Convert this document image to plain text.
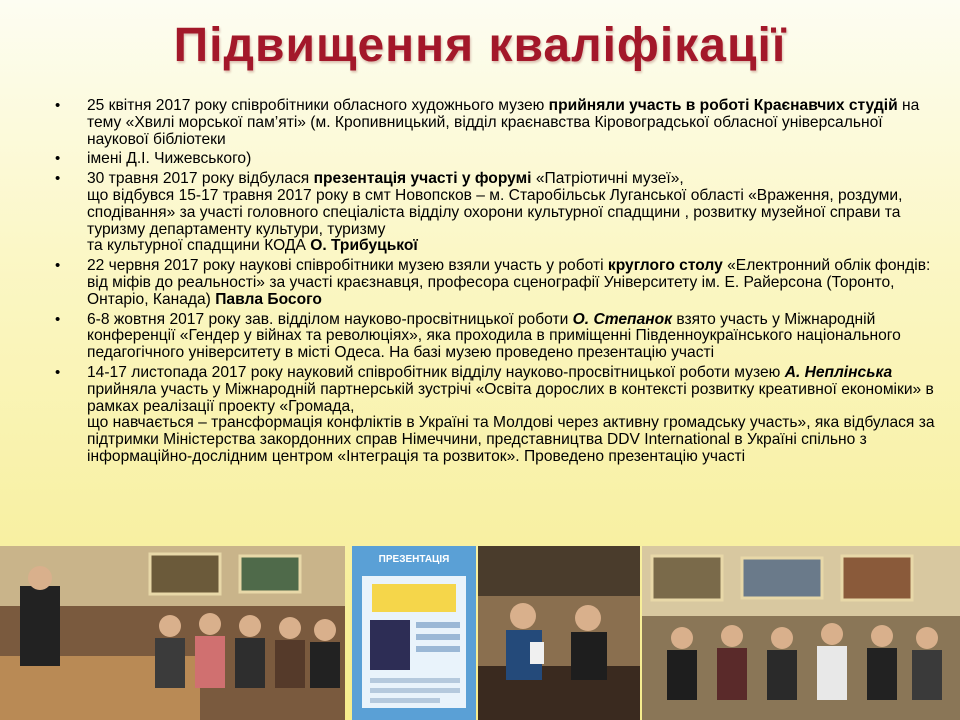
Підвищення кваліфікації
•	25 квітня 2017 року співробітники обласного художнього музею прийняли участь в роботі Краєнавчих студій на тему «Хвилі морської пам’яті» (м. Кропивницький, відділ краєнавства Кіровоградської обласної універсальної наукової бібліотеки
•	імені Д.І. Чижевського)
•	30 травня 2017 року відбулася презентація участі у форумі «Патріотичні музеї»,
що відбувся 15-17 травня 2017 року в смт Новопсков – м. Старобільськ Луганської області «Враження, роздуми, сподівання» за участі головного спеціаліста відділу охорони культурної спадщини , розвитку музейної справи та туризму департаменту культури, туризму
та культурної спадщини КОДА О. Трибуцької
•	22 червня 2017 року наукові співробітники музею взяли участь у роботі круглого столу «Електронний облік фондів: від міфів до реальності» за участі краєзнавця, професора сценографії Університету ім. Е. Райерсона (Торонто, Онтаріо, Канада) Павла Босого
•	6-8 жовтня 2017 року зав. відділом науково-просвітницької роботи О. Степанок взято участь у Міжнародній конференції «Гендер у війнах та революціях», яка проходила в приміщенні Південноукраїнського національного педагогічного університету в місті Одеса. На базі музею проведено презентацію участі
•	14-17 листопада 2017 року науковий співробітник відділу науково-просвітницької роботи музею А. Неплінська прийняла участь у Міжнародній партнерській зустрічі «Освіта дорослих в контексті розвитку креативної економіки» в рамках реалізації проекту «Громада,
що навчається – трансформація конфліктів в Україні та Молдові через активну громадську участь», яка відбулася за підтримки Міністерства закордонних справ Німеччини, представництва DDV International в Україні спільно з інформаційно-дослідним центром «Інтеграція та розвиток». Проведено презентацію участі
ПРЕЗЕНТАЦІЯ
